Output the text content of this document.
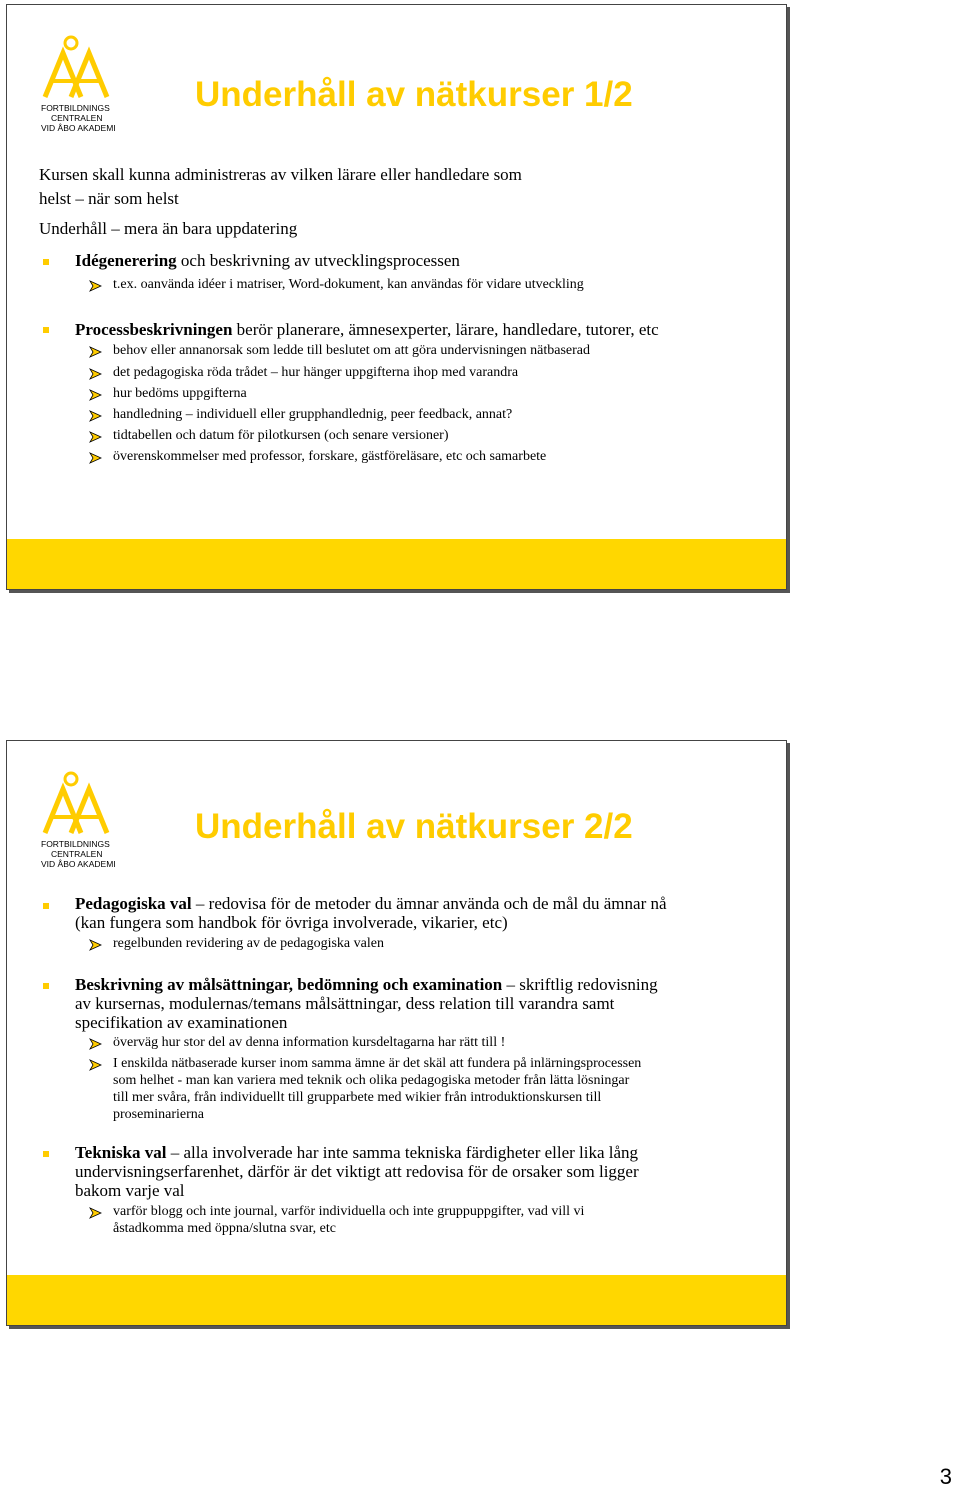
FORTBILDNINGS
CENTRALEN
VID ÅBO AKADEMI
Underhåll av nätkurser 1/2
Kursen skall kunna administreras av vilken lärare eller handledare som
helst – när som helst
Underhåll – mera än bara uppdatering
Idégenerering och beskrivning av utvecklingsprocessen
t.ex. oanvända idéer i matriser, Word-dokument, kan användas för vidare utveckling
Processbeskrivningen berör planerare, ämnesexperter, lärare, handledare, tutorer, etc
behov eller annanorsak som ledde till beslutet om att göra undervisningen nätbaserad
det pedagogiska röda trådet – hur hänger uppgifterna ihop med varandra
hur bedöms uppgifterna
handledning – individuell eller grupphandlednig, peer feedback, annat?
tidtabellen och datum för pilotkursen (och senare versioner)
överenskommelser med professor, forskare, gästföreläsare, etc och samarbete
FORTBILDNINGS
CENTRALEN
VID ÅBO AKADEMI
Underhåll av nätkurser 2/2
Pedagogiska val – redovisa för de metoder du ämnar använda och de mål du ämnar nå
(kan fungera som handbok för övriga involverade, vikarier, etc)
regelbunden revidering av de pedagogiska valen
Beskrivning av målsättningar, bedömning och examination – skriftlig redovisning
av kursernas, modulernas/temans målsättningar, dess relation till varandra samt
specifikation av examinationen
överväg hur stor del av denna information kursdeltagarna har rätt till !
I enskilda nätbaserade kurser inom samma ämne är det skäl att fundera på inlärningsprocessen
som helhet - man kan variera med teknik och olika pedagogiska metoder från lätta lösningar
till mer svåra, från individuellt till grupparbete med wikier från introduktionskursen till
proseminarierna
Tekniska val – alla involverade har inte samma tekniska färdigheter eller lika lång
undervisningserfarenhet, därför är det viktigt att redovisa för de orsaker som ligger
bakom varje val
varför blogg och inte journal, varför individuella och inte gruppuppgifter, vad vill vi
åstadkomma med öppna/slutna svar, etc
3
